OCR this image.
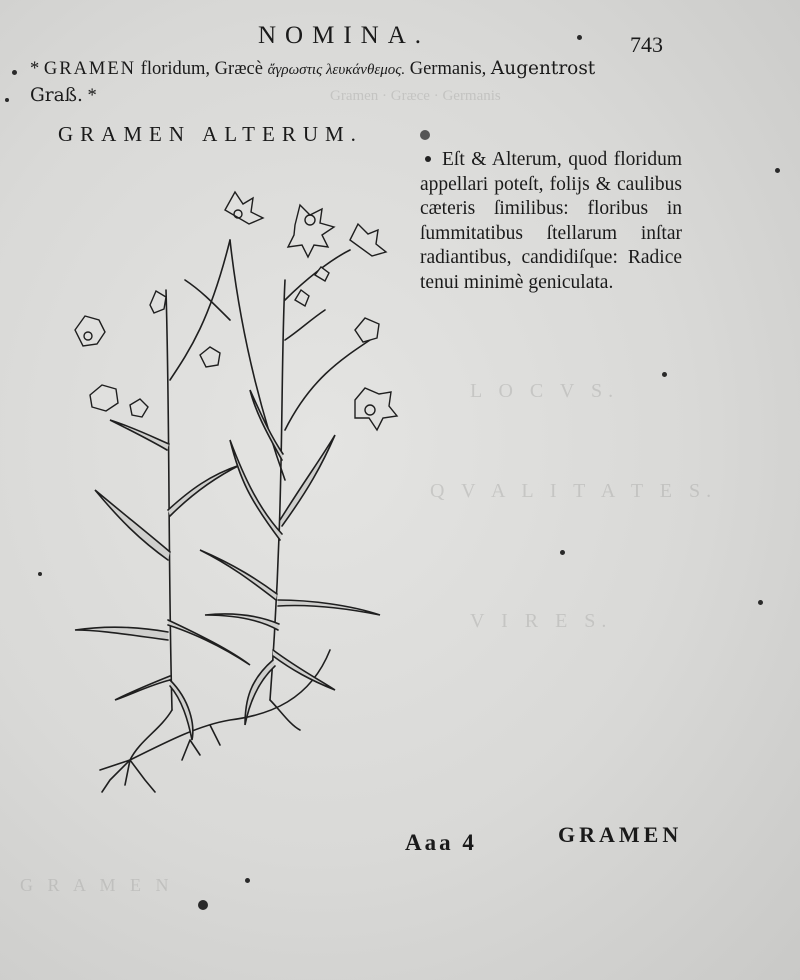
Gramen · Græce · Germanis
L O C V S.
Q V A L I T A T E S.
V I R E S.
G R A M E N
NOMINA.	743
* GRAMEN floridum, Græcè ἄγρωστις λευκάνθεμος. Germanis, Augentrost
Graß. *
GRAMEN ALTERUM.
Eſt & Alterum, quod floridum appellari poteſt, folijs & caulibus cæteris ſimilibus: floribus in ſummitatibus ſtellarum inſtar radiantibus, candidiſque: Radice tenui minimè geniculata.
Aaa 4	GRAMEN
